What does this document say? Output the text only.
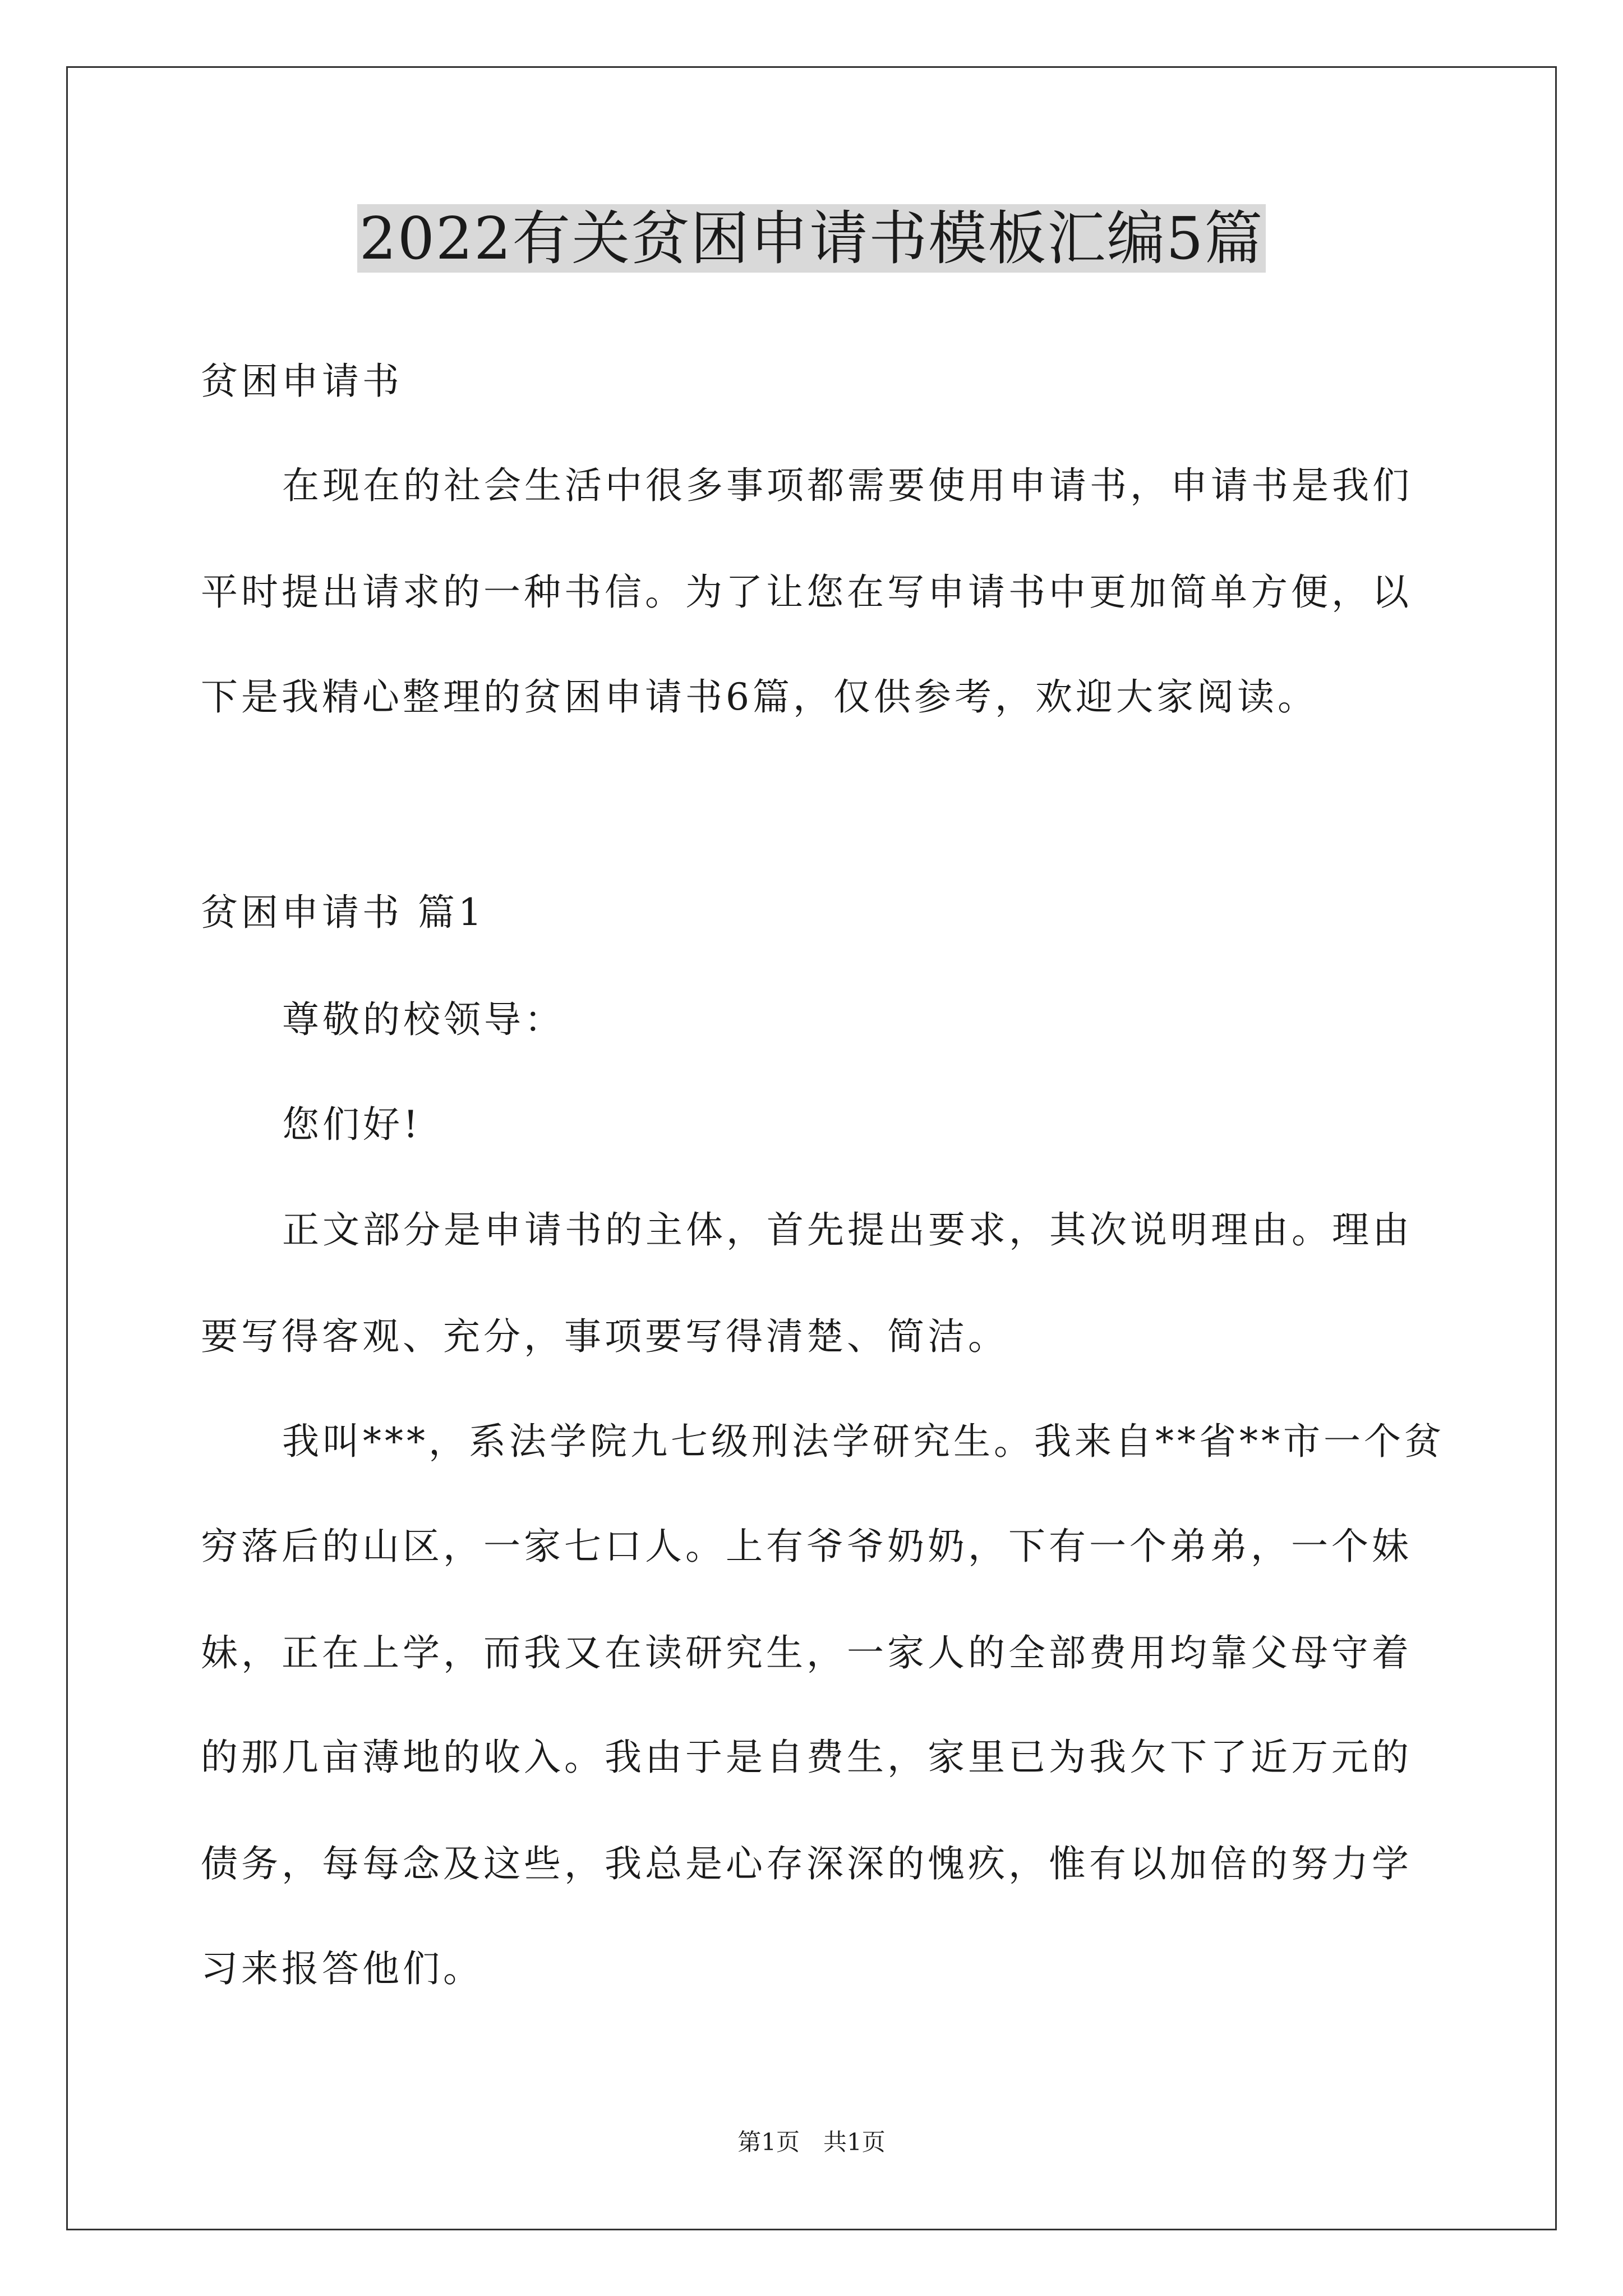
2022有关贫困申请书模板汇编5篇
贫困申请书
在现在的社会生活中很多事项都需要使用申请书，申请书是我们
平时提出请求的一种书信。为了让您在写申请书中更加简单方便，以
下是我精心整理的贫困申请书6篇，仅供参考，欢迎大家阅读。
贫困申请书 篇1
尊敬的校领导：
您们好!
正文部分是申请书的主体，首先提出要求，其次说明理由。理由
要写得客观、充分，事项要写得清楚、简洁。
我叫***，系法学院九七级刑法学研究生。我来自**省**市一个贫
穷落后的山区，一家七口人。上有爷爷奶奶，下有一个弟弟，一个妹
妹，正在上学，而我又在读研究生，一家人的全部费用均靠父母守着
的那几亩薄地的收入。我由于是自费生，家里已为我欠下了近万元的
债务，每每念及这些，我总是心存深深的愧疚，惟有以加倍的努力学
习来报答他们。
第1页　共1页
